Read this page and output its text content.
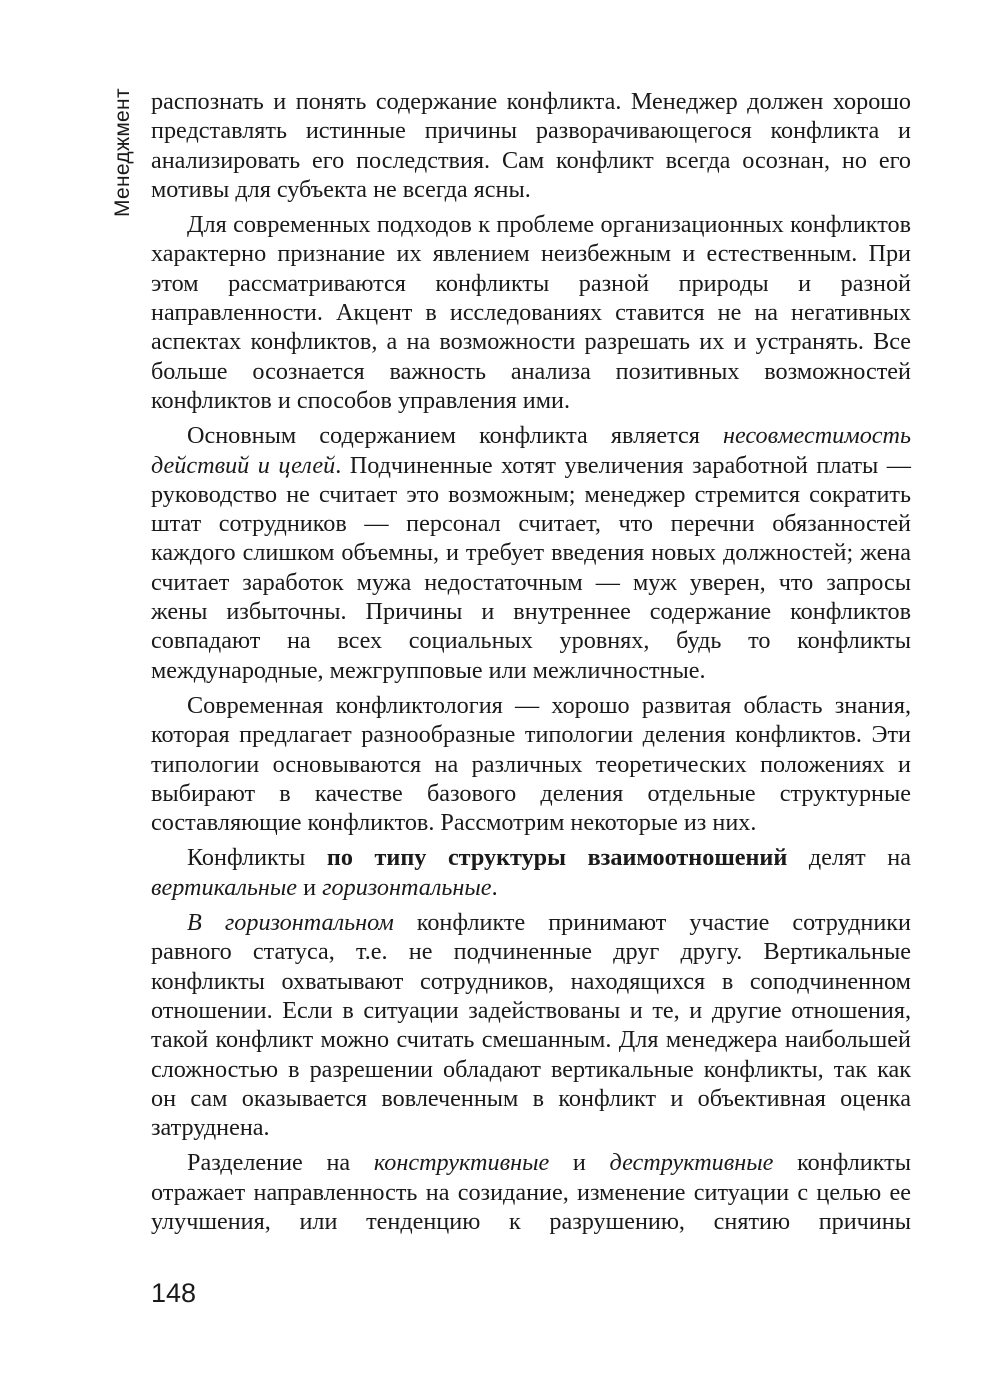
Менеджмент распознать и понять содержание конфликта. Менеджер должен хорошо представлять истинные причины разворачивающегося конфликта и анализировать его последствия. Сам конфликт всегда осознан, но его мотивы для субъекта не всегда ясны.

Для современных подходов к проблеме организационных конфликтов характерно признание их явлением неизбежным и естественным. При этом рассматриваются конфликты разной природы и разной направленности. Акцент в исследованиях ставится не на негативных аспектах конфликтов, а на возможности разрешать их и устранять. Все больше осознается важность анализа позитивных возможностей конфликтов и способов управления ими.

Основным содержанием конфликта является несовместимость действий и целей. Подчиненные хотят увеличения заработной платы — руководство не считает это возможным; менеджер стремится сократить штат сотрудников — персонал считает, что перечни обязанностей каждого слишком объемны, и требует введения новых должностей; жена считает заработок мужа недостаточным — муж уверен, что запросы жены избыточны. Причины и внутреннее содержание конфликтов совпадают на всех социальных уровнях, будь то конфликты международные, межгрупповые или межличностные.

Современная конфликтология — хорошо развитая область знания, которая предлагает разнообразные типологии деления конфликтов. Эти типологии основываются на различных теоретических положениях и выбирают в качестве базового деления отдельные структурные составляющие конфликтов. Рассмотрим некоторые из них.

Конфликты по типу структуры взаимоотношений делят на вертикальные и горизонтальные.

В горизонтальном конфликте принимают участие сотрудники равного статуса, т.е. не подчиненные друг другу. Вертикальные конфликты охватывают сотрудников, находящихся в соподчиненном отношении. Если в ситуации задействованы и те, и другие отношения, такой конфликт можно считать смешанным. Для менеджера наибольшей сложностью в разрешении обладают вертикальные конфликты, так как он сам оказывается вовлеченным в конфликт и объективная оценка затруднена.

Разделение на конструктивные и деструктивные конфликты отражает направленность на созидание, изменение ситуации с целью ее улучшения, или тенденцию к разрушению, снятию причины

148
